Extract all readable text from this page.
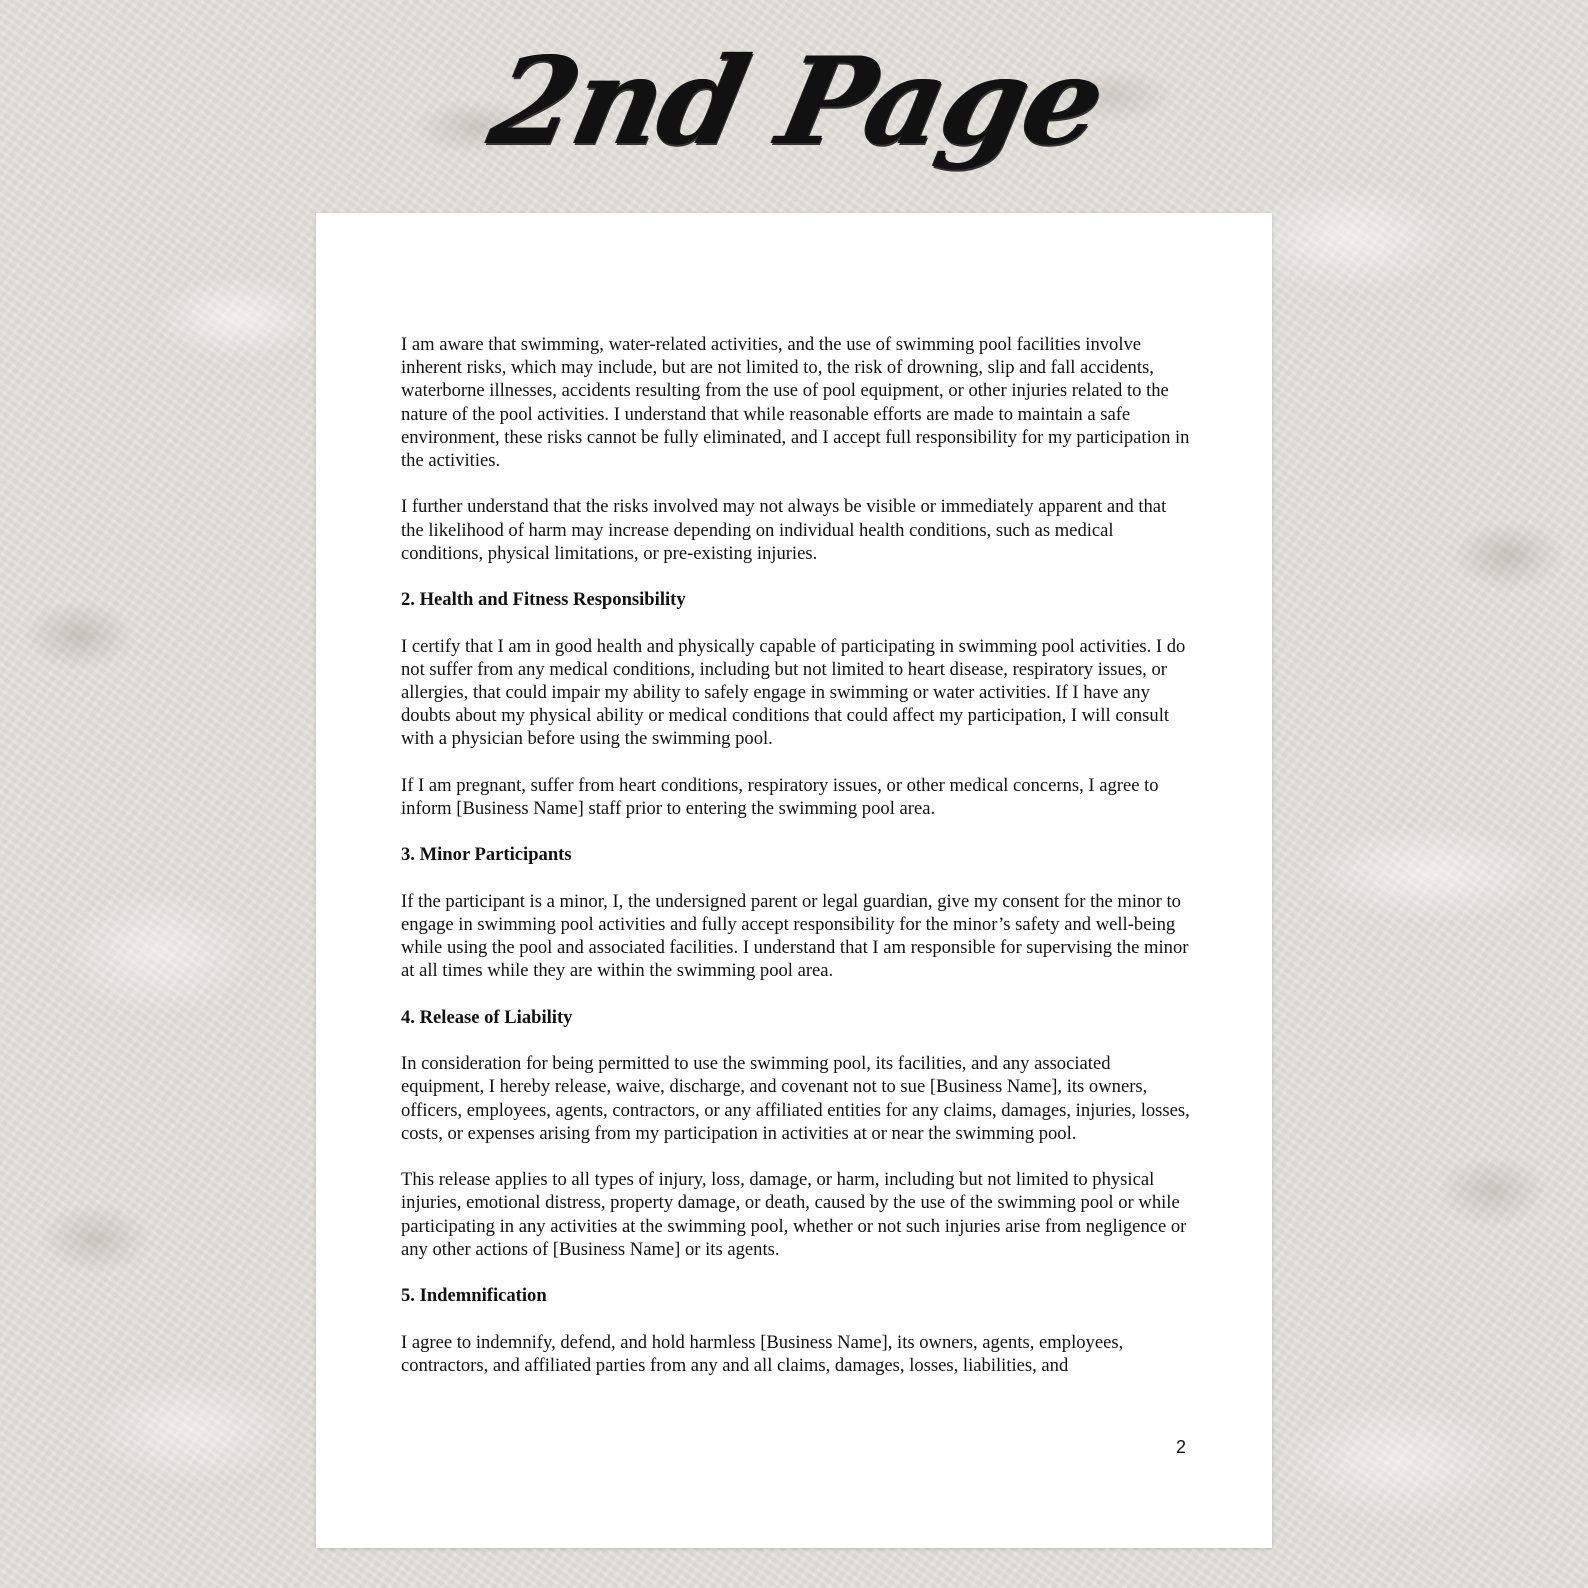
2nd Page

I am aware that swimming, water-related activities, and the use of swimming pool facilities involve inherent risks, which may include, but are not limited to, the risk of drowning, slip and fall accidents, waterborne illnesses, accidents resulting from the use of pool equipment, or other injuries related to the nature of the pool activities. I understand that while reasonable efforts are made to maintain a safe environment, these risks cannot be fully eliminated, and I accept full responsibility for my participation in the activities.

I further understand that the risks involved may not always be visible or immediately apparent and that the likelihood of harm may increase depending on individual health conditions, such as medical conditions, physical limitations, or pre-existing injuries.

2. Health and Fitness Responsibility

I certify that I am in good health and physically capable of participating in swimming pool activities. I do not suffer from any medical conditions, including but not limited to heart disease, respiratory issues, or allergies, that could impair my ability to safely engage in swimming or water activities. If I have any doubts about my physical ability or medical conditions that could affect my participation, I will consult with a physician before using the swimming pool.

If I am pregnant, suffer from heart conditions, respiratory issues, or other medical concerns, I agree to inform [Business Name] staff prior to entering the swimming pool area.

3. Minor Participants

If the participant is a minor, I, the undersigned parent or legal guardian, give my consent for the minor to engage in swimming pool activities and fully accept responsibility for the minor’s safety and well-being while using the pool and associated facilities. I understand that I am responsible for supervising the minor at all times while they are within the swimming pool area.

4. Release of Liability

In consideration for being permitted to use the swimming pool, its facilities, and any associated equipment, I hereby release, waive, discharge, and covenant not to sue [Business Name], its owners, officers, employees, agents, contractors, or any affiliated entities for any claims, damages, injuries, losses, costs, or expenses arising from my participation in activities at or near the swimming pool.

This release applies to all types of injury, loss, damage, or harm, including but not limited to physical injuries, emotional distress, property damage, or death, caused by the use of the swimming pool or while participating in any activities at the swimming pool, whether or not such injuries arise from negligence or any other actions of [Business Name] or its agents.

5. Indemnification

I agree to indemnify, defend, and hold harmless [Business Name], its owners, agents, employees, contractors, and affiliated parties from any and all claims, damages, losses, liabilities, and

2
